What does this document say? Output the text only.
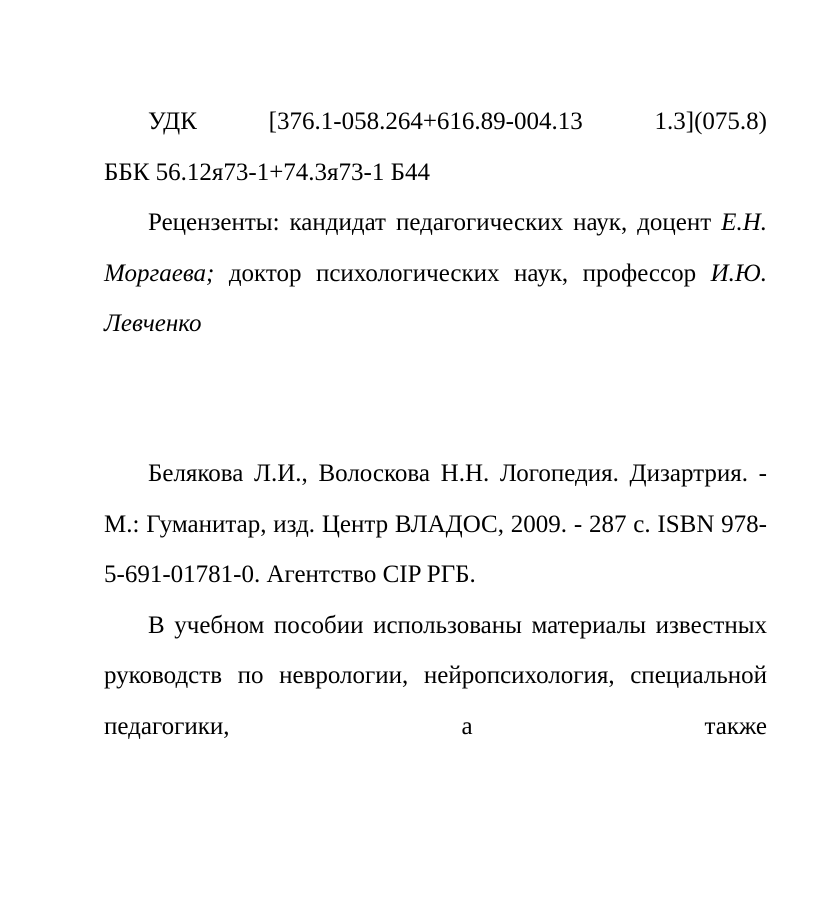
УДК	[376.1-058.264+616.89-004.13	1.3](075.8)

ББК 56.12я73-1+74.3я73-1 Б44

Рецензенты: кандидат педагогических наук, доцент Е.Н. Моргаева; доктор психологических наук, профессор И.Ю. Левченко

Белякова Л.И., Волоскова Н.Н. Логопедия. Дизартрия. - М.: Гуманитар, изд. Центр ВЛАДОС, 2009. - 287 с. ISBN 978-5-691-01781-0. Агентство CIP РГБ.

В учебном пособии использованы материалы известных руководств по неврологии, нейропсихология, специальной педагогики, а также
